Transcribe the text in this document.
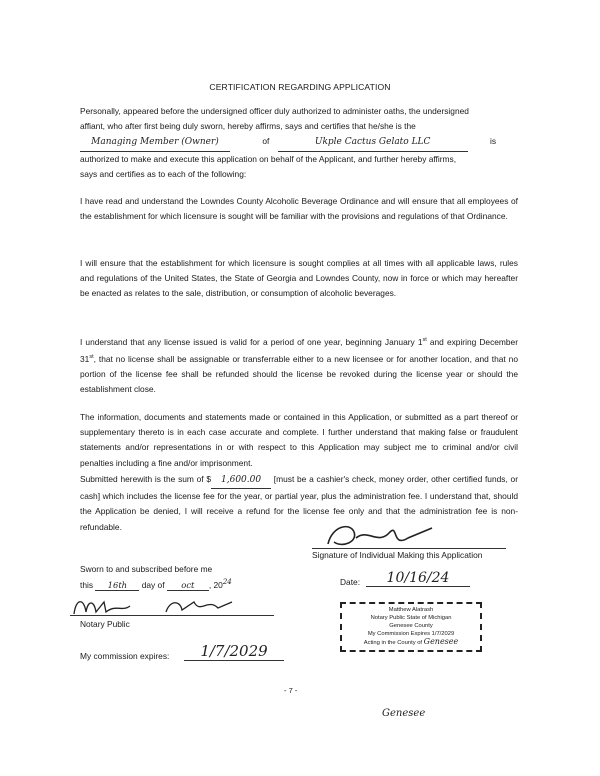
CERTIFICATION REGARDING APPLICATION
Personally, appeared before the undersigned officer duly authorized to administer oaths, the undersigned
affiant, who after first being duly sworn, hereby affirms, says and certifies that he/she is the
Managing Member (Owner)	of	Ukple Cactus Gelato LLC	is
authorized to make and execute this application on behalf of the Applicant, and further hereby affirms,
says and certifies as to each of the following:
I have read and understand the Lowndes County Alcoholic Beverage Ordinance and will ensure that all employees of the establishment for which licensure is sought will be familiar with the provisions and regulations of that Ordinance.
I will ensure that the establishment for which licensure is sought complies at all times with all applicable laws, rules and regulations of the United States, the State of Georgia and Lowndes County, now in force or which may hereafter be enacted as relates to the sale, distribution, or consumption of alcoholic beverages.
I understand that any license issued is valid for a period of one year, beginning January 1st and expiring December 31st, that no license shall be assignable or transferrable either to a new licensee or for another location, and that no portion of the license fee shall be refunded should the license be revoked during the license year or should the establishment close.
The information, documents and statements made or contained in this Application, or submitted as a part thereof or supplementary thereto is in each case accurate and complete. I further understand that making false or fraudulent statements and/or representations in or with respect to this Application may subject me to criminal and/or civil penalties including a fine and/or imprisonment.
Submitted herewith is the sum of $ 1,600.00 [must be a cashier's check, money order, other certified funds, or cash] which includes the license fee for the year, or partial year, plus the administration fee. I understand that, should the Application be denied, I will receive a refund for the license fee only and that the administration fee is non-refundable.
Signature of Individual Making this Application
Sworn to and subscribed before me
this 16th day of oct , $20^{24}$	Date:	10/16/24
Notary Public
My commission expires:	1/7/2029
Matthew Alatrash
Notary Public State of Michigan
Genesee County
My Commission Expires 1/7/2029
Acting in the County of Genesee
- 7 -
Genesee
